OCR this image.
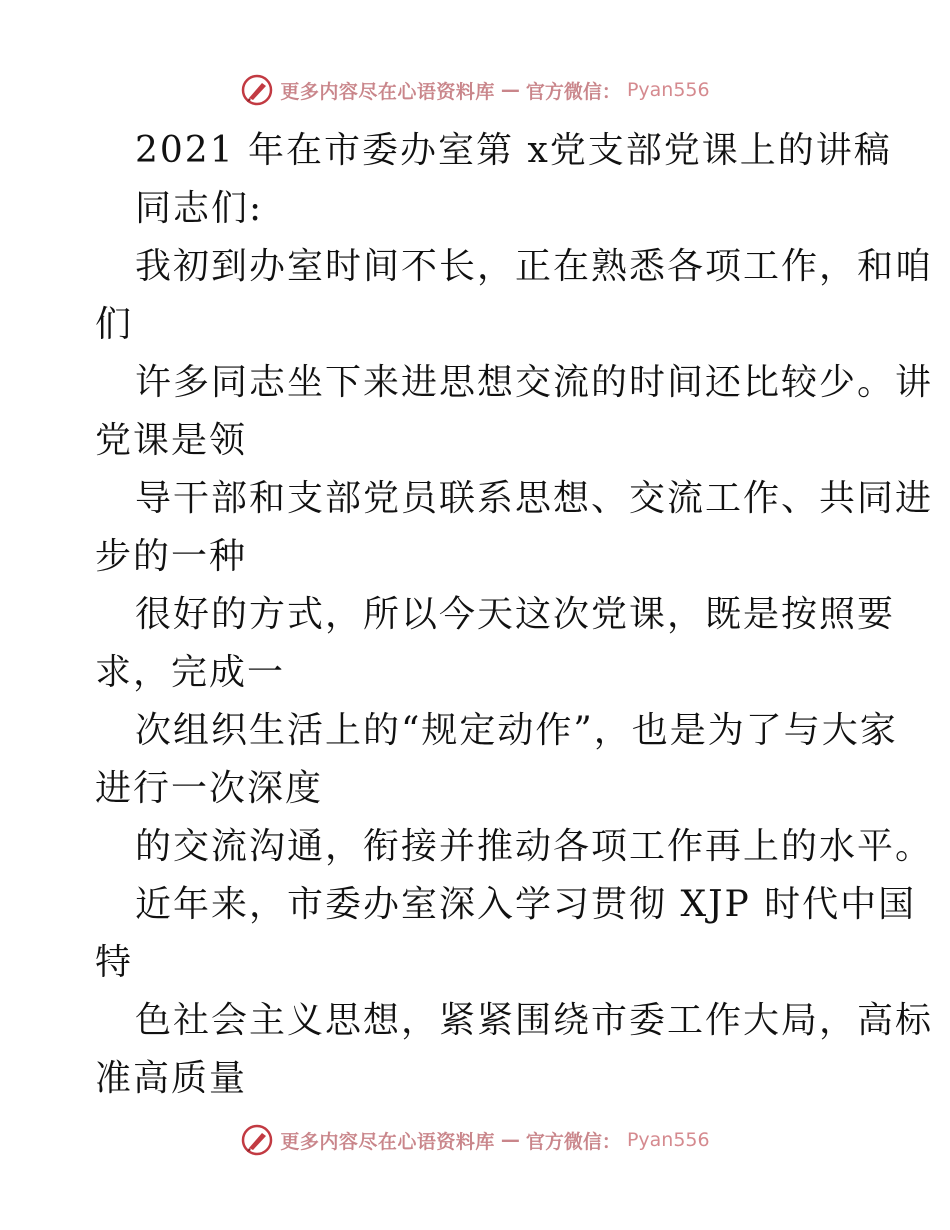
更多内容尽在心语资料库 — 官方微信： Pyan556
2021 年在市委办室第 x党支部党课上的讲稿
同志们:
我初到办室时间不长，正在熟悉各项工作，和咱
们
许多同志坐下来进思想交流的时间还比较少。讲
党课是领
导干部和支部党员联系思想、交流工作、共同进
步的一种
很好的方式，所以今天这次党课，既是按照要
求，完成一
次组织生活上的“规定动作”，也是为了与大家
进行一次深度
的交流沟通，衔接并推动各项工作再上的水平。
近年来，市委办室深入学习贯彻 XJP 时代中国
特
色社会主义思想，紧紧围绕市委工作大局，高标
准高质量
更多内容尽在心语资料库 — 官方微信： Pyan556
